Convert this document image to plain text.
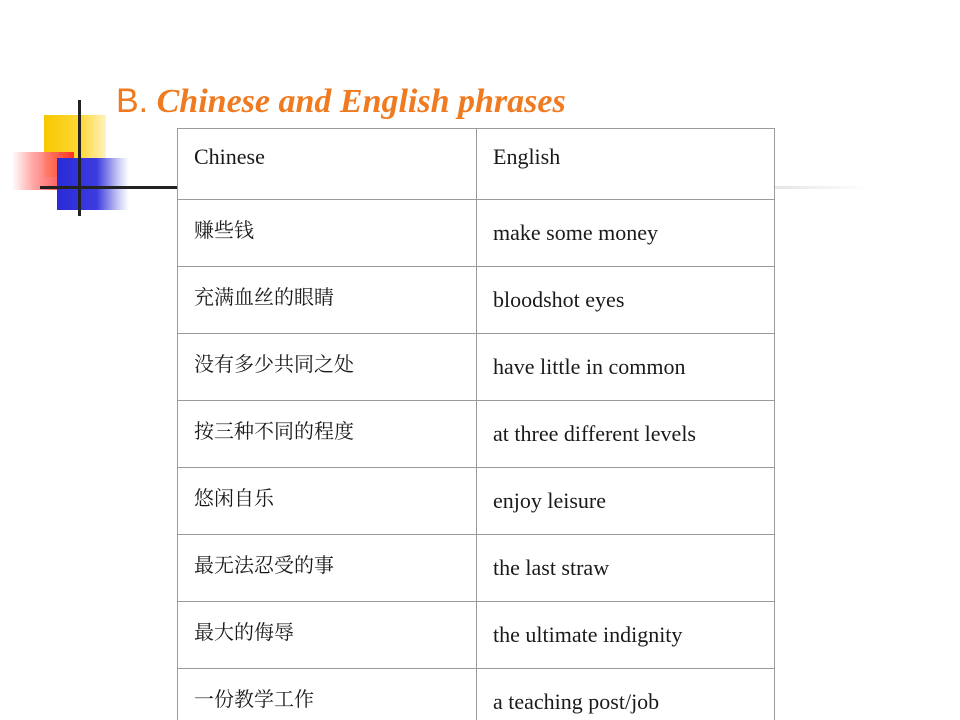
B. Chinese and English phrases
Chinese	English
赚些钱	make some money
充满血丝的眼睛	bloodshot eyes
没有多少共同之处	have little in common
按三种不同的程度	at three different levels
悠闲自乐	enjoy leisure
最无法忍受的事	the last straw
最大的侮辱	the ultimate indignity
一份教学工作	a teaching post/job
